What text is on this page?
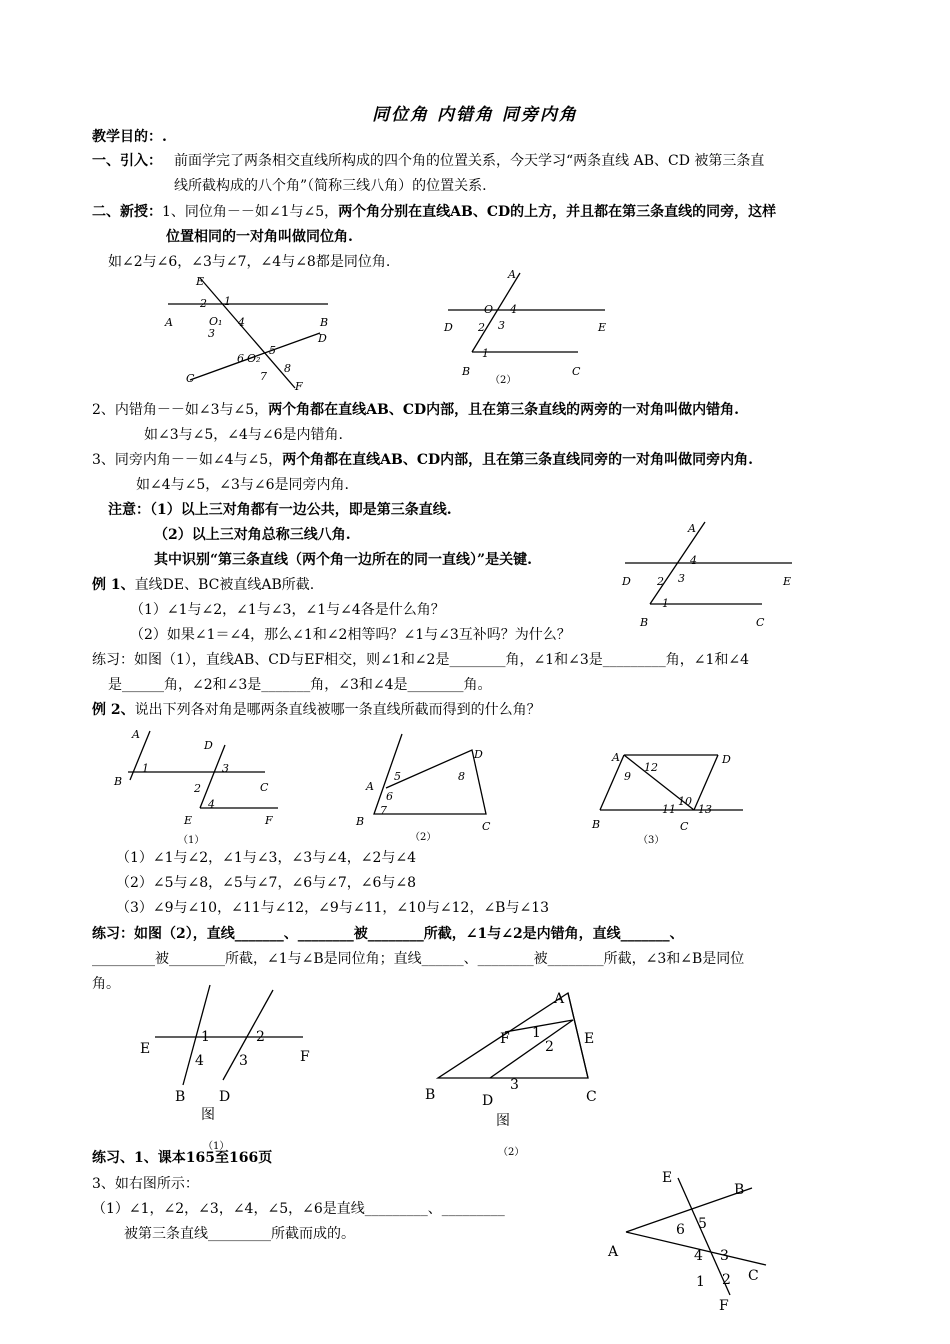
同位角 内错角 同旁内角
教学目的：.
一、引入： 前面学完了两条相交直线所构成的四个角的位置关系，今天学习“两条直线 AB、CD 被第三条直
线所截构成的八个角”（简称三线八角）的位置关系.
二、新授：1、同位角－－如∠1与∠5，两个角分别在直线AB、CD的上方，并且都在第三条直线的同旁，这样
位置相同的一对角叫做同位角.
如∠2与∠6，∠3与∠7，∠4与∠8都是同位角.
E
2 1
A	O₁ 4	B
3	D
6 O₂
5
C	7
8
F
A
O 4
D 2 3	E
1
B	C
（2）
2、内错角－－如∠3与∠5，两个角都在直线AB、CD内部，且在第三条直线的两旁的一对角叫做内错角.
如∠3与∠5，∠4与∠6是内错角.
3、同旁内角－－如∠4与∠5，两个角都在直线AB、CD内部，且在第三条直线同旁的一对角叫做同旁内角.
如∠4与∠5，∠3与∠6是同旁内角.
注意：（1）以上三对角都有一边公共，即是第三条直线.
（2）以上三对角总称三线八角.
其中识别“第三条直线（两个角一边所在的同一直线）”是关键.
A
4
D 2 3	E
1
B	C
例 1、直线DE、BC被直线AB所截.
（1）∠1与∠2，∠1与∠3，∠1与∠4各是什么角？
（2）如果∠1＝∠4，那么∠1和∠2相等吗？∠1与∠3互补吗？为什么？
练习：如图（1），直线AB、CD与EF相交，则∠1和∠2是________角，∠1和∠3是_________角，∠1和∠4
是______角，∠2和∠3是_______角，∠3和∠4是________角。
例 2、说出下列各对角是哪两条直线被哪一条直线所截而得到的什么角？
A
D
1	3
B
2	C
4
E	F
（1）
D
5	8
A
6
7
B	C
（2）
A	D
12
9
10
11 13
B	C
（3）
（1）∠1与∠2，∠1与∠3，∠3与∠4，∠2与∠4
（2）∠5与∠8，∠5与∠7，∠6与∠7，∠6与∠8
（3）∠9与∠10，∠11与∠12，∠9与∠11，∠10与∠12，∠B与∠13
练习：如图（2），直线_______、________被________所截，∠1与∠2是内错角，直线_______、
_________被________所截，∠1与∠B是同位角；直线______、________被________所截，∠3和∠B是同位
角。
E
1	2
F
4	3
B D
图
（1）
A
1
F	E
2
3
B	D	C
图
（2）
练习、1、课本165至166页
3、如右图所示：
（1）∠1，∠2，∠3，∠4，∠5，∠6是直线_________、_________
被第三条直线_________所截而成的。
E
B
6 5
A	4 3
1 2 C
F
